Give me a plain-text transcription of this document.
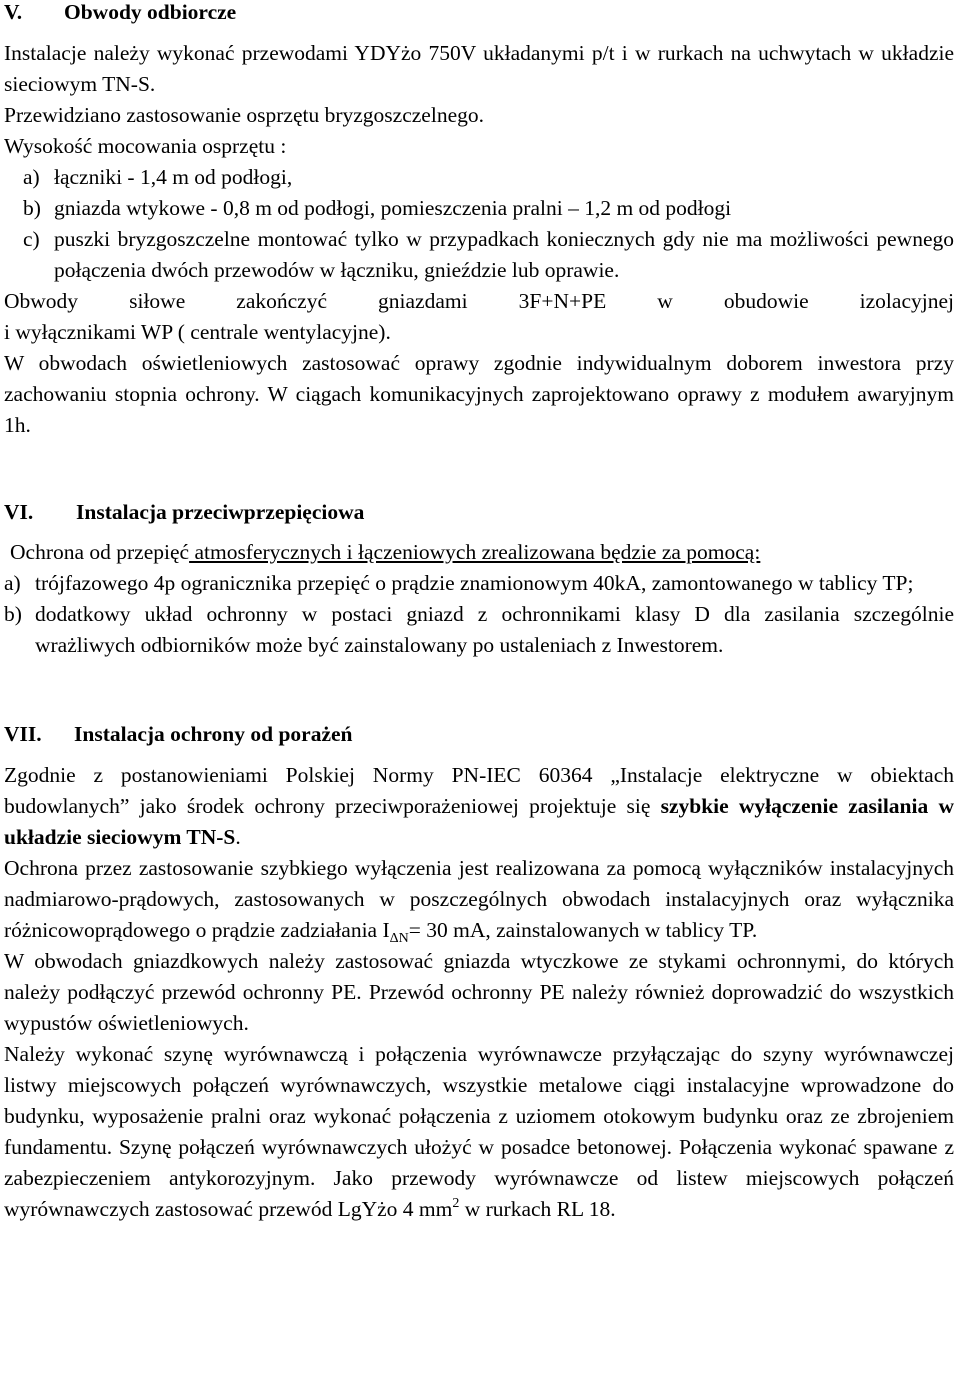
V. Obwody odbiorcze

Instalacje należy wykonać przewodami YDYżo 750V układanymi p/t i w rurkach na uchwytach w układzie sieciowym TN-S.

Przewidziano zastosowanie osprzętu bryzgoszczelnego.

Wysokość mocowania osprzętu :

a) łączniki - 1,4 m od podłogi,
b) gniazda wtykowe - 0,8 m od podłogi, pomieszczenia pralni – 1,2 m od podłogi
c) puszki bryzgoszczelne montować tylko w przypadkach koniecznych gdy nie ma możliwości pewnego połączenia dwóch przewodów w łączniku, gnieździe lub oprawie.

Obwody siłowe zakończyć gniazdami 3F+N+PE w obudowie izolacyjnej

i wyłącznikami WP ( centrale wentylacyjne).

W obwodach oświetleniowych zastosować oprawy zgodnie indywidualnym doborem inwestora przy zachowaniu stopnia ochrony. W ciągach komunikacyjnych zaprojektowano oprawy z modułem awaryjnym 1h.

VI. Instalacja przeciwprzepięciowa

Ochrona od przepięć atmosferycznych i łączeniowych zrealizowana będzie za pomocą:

a) trójfazowego 4p ogranicznika przepięć o prądzie znamionowym 40kA, zamontowanego w tablicy TP;
b) dodatkowy układ ochronny w postaci gniazd z ochronnikami klasy D dla zasilania szczególnie wrażliwych odbiorników może być zainstalowany po ustaleniach z Inwestorem.
VII. Instalacja ochrony od porażeń

Zgodnie z postanowieniami Polskiej Normy PN-IEC 60364 „Instalacje elektryczne w obiektach budowlanych” jako środek ochrony przeciwporażeniowej projektuje się szybkie wyłączenie zasilania w układzie sieciowym TN-S.

Ochrona przez zastosowanie szybkiego wyłączenia jest realizowana za pomocą wyłączników instalacyjnych nadmiarowo-prądowych, zastosowanych w poszczególnych obwodach instalacyjnych oraz wyłącznika różnicowoprądowego o prądzie zadziałania $I_{\Delta N}= 30$ mA, zainstalowanych w tablicy TP.

W obwodach gniazdkowych należy zastosować gniazda wtyczkowe ze stykami ochronnymi, do których należy podłączyć przewód ochronny PE. Przewód ochronny PE należy również doprowadzić do wszystkich wypustów oświetleniowych.

Należy wykonać szynę wyrównawczą i połączenia wyrównawcze przyłączając do szyny wyrównawczej listwy miejscowych połączeń wyrównawczych, wszystkie metalowe ciągi instalacyjne wprowadzone do budynku, wyposażenie pralni oraz wykonać połączenia z uziomem otokowym budynku oraz ze zbrojeniem fundamentu. Szynę połączeń wyrównawczych ułożyć w posadce betonowej. Połączenia wykonać spawane z zabezpieczeniem antykorozyjnym. Jako przewody wyrównawcze od listew miejscowych połączeń wyrównawczych zastosować przewód LgYżo 4 $mm^2$ w rurkach RL 18.
